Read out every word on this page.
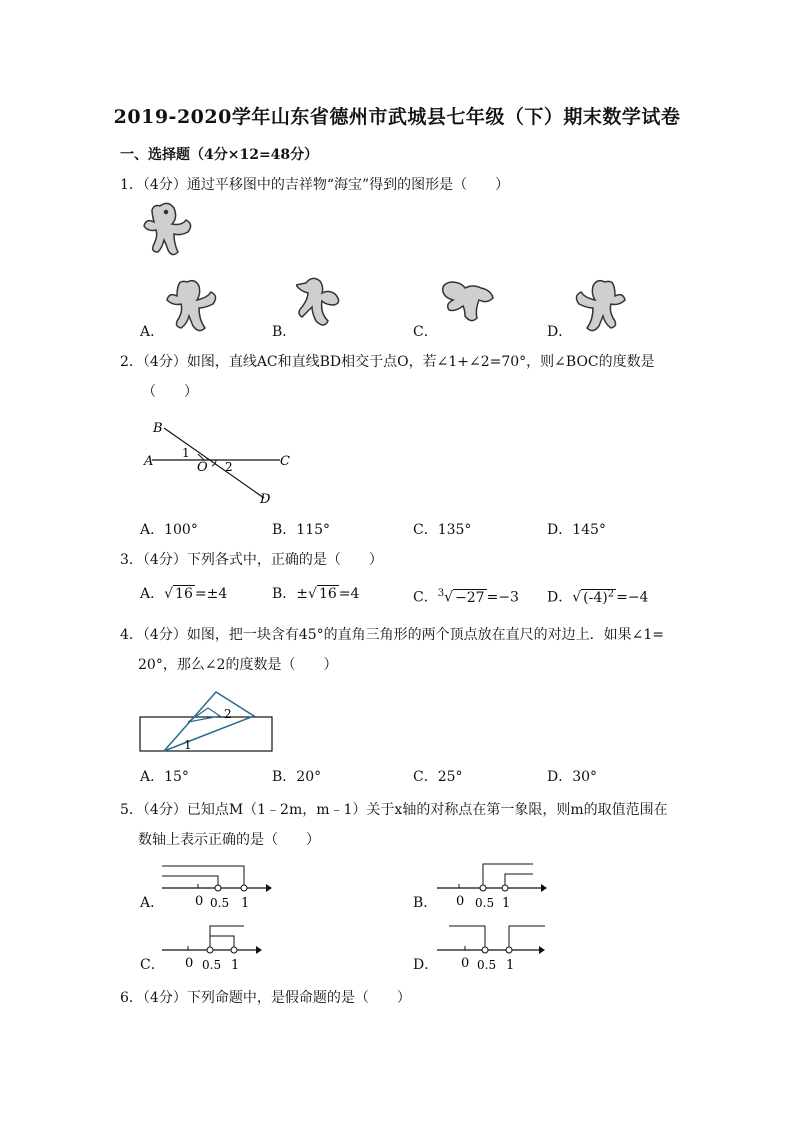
2019-2020学年山东省德州市武城县七年级（下）期末数学试卷
一、选择题（4分×12=48分）
1．（4分）通过平移图中的吉祥物“海宝”得到的图形是（　　）
A．	B．	C．	D．
2．（4分）如图，直线AC和直线BD相交于点O，若∠1+∠2=70°，则∠BOC的度数是
（　　）
B
A	C
D
O
1
2
A．100°	B．115°	C．135°	D．145°
3．（4分）下列各式中，正确的是（　　）
A．√ 16 =±4	B．±√ 16 =4	C．$^3$√ −27 =−3 D．√ $(-4)^2 =-4$
4．（4分）如图，把一块含有45°的直角三角形的两个顶点放在直尺的对边上．如果∠1=
20°，那么∠2的度数是（　　）
2
1
A．15°	B．20°	C．25°	D．30°
5．（4分）已知点M（1﹣2m，m﹣1）关于x轴的对称点在第一象限，则m的取值范围在
数轴上表示正确的是（　　）
A． 0 0.5 1	B． 0 0.5 1
C． 0 0.5 1	D． 0 0.5 1
6．（4分）下列命题中，是假命题的是（　　）
